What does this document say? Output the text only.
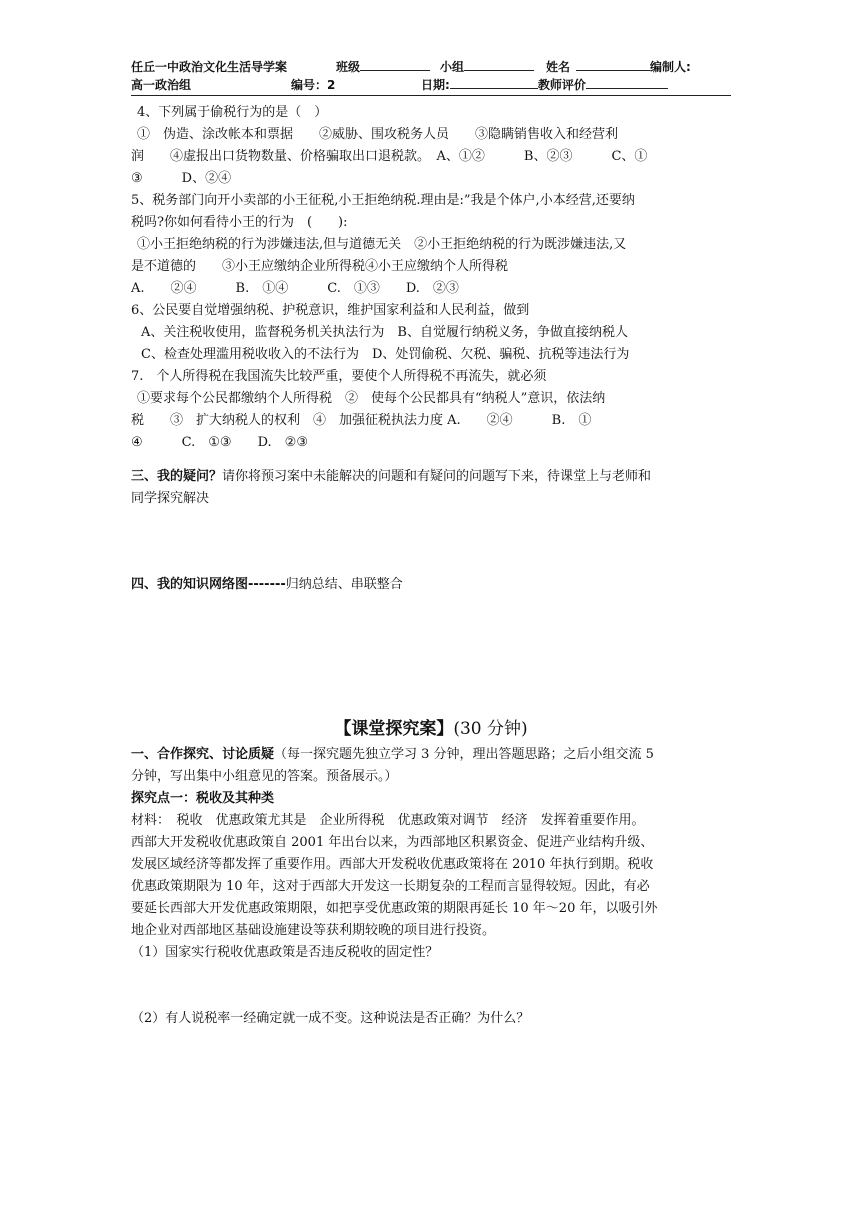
任丘一中政治文化生活导学案	班级	小组	姓名	编制人:
高一政治组	编号：2	日期:	教师评价
4、下列属于偷税行为的是（　）
①　伪造、涂改帐本和票据　　②威胁、围攻税务人员　　③隐瞒销售收入和经营利
润　　④虚报出口货物数量、价格骗取出口退税款。　A、①②　　　B、②③　　　C、①
③　　　D、②④
5、税务部门向开小卖部的小王征税,小王拒绝纳税.理由是:”我是个体户,小本经营,还要纳
税吗?你如何看待小王的行为　(　　):
①小王拒绝纳税的行为涉嫌违法,但与道德无关　②小王拒绝纳税的行为既涉嫌违法,又
是不道德的　　③小王应缴纳企业所得税④小王应缴纳个人所得税
A.　　②④　　　B.　①④　　　C.　①③　　D.　②③
6、公民要自觉增强纳税、护税意识，维护国家利益和人民利益，做到
A、关注税收使用，监督税务机关执法行为　B、自觉履行纳税义务，争做直接纳税人
C、检查处理滥用税收收入的不法行为　D、处罚偷税、欠税、骗税、抗税等违法行为
7.　个人所得税在我国流失比较严重，要使个人所得税不再流失，就必须
①要求每个公民都缴纳个人所得税　②　使每个公民都具有“纳税人”意识，依法纳
税　　③　扩大纳税人的权利　④　加强征税执法力度 A.　　②④　　　B.　①
④　　　C.　①③　　D.　②③
三、我的疑问？请你将预习案中未能解决的问题和有疑问的问题写下来，待课堂上与老师和
同学探究解决
四、我的知识网络图-------归纳总结、串联整合
【课堂探究案】(30 分钟)
一、合作探究、讨论质疑（每一探究题先独立学习 3 分钟，理出答题思路；之后小组交流 5
分钟，写出集中小组意见的答案。预备展示。）
探究点一：税收及其种类
材料：　税收　优惠政策尤其是　企业所得税　优惠政策对调节　经济　发挥着重要作用。
西部大开发税收优惠政策自 2001 年出台以来，为西部地区积累资金、促进产业结构升级、
发展区域经济等都发挥了重要作用。西部大开发税收优惠政策将在 2010 年执行到期。税收
优惠政策期限为 10 年，这对于西部大开发这一长期复杂的工程而言显得较短。因此，有必
要延长西部大开发优惠政策期限，如把享受优惠政策的期限再延长 10 年～20 年，以吸引外
地企业对西部地区基础设施建设等获利期较晚的项目进行投资。
（1）国家实行税收优惠政策是否违反税收的固定性？
（2）有人说税率一经确定就一成不变。这种说法是否正确？为什么？
